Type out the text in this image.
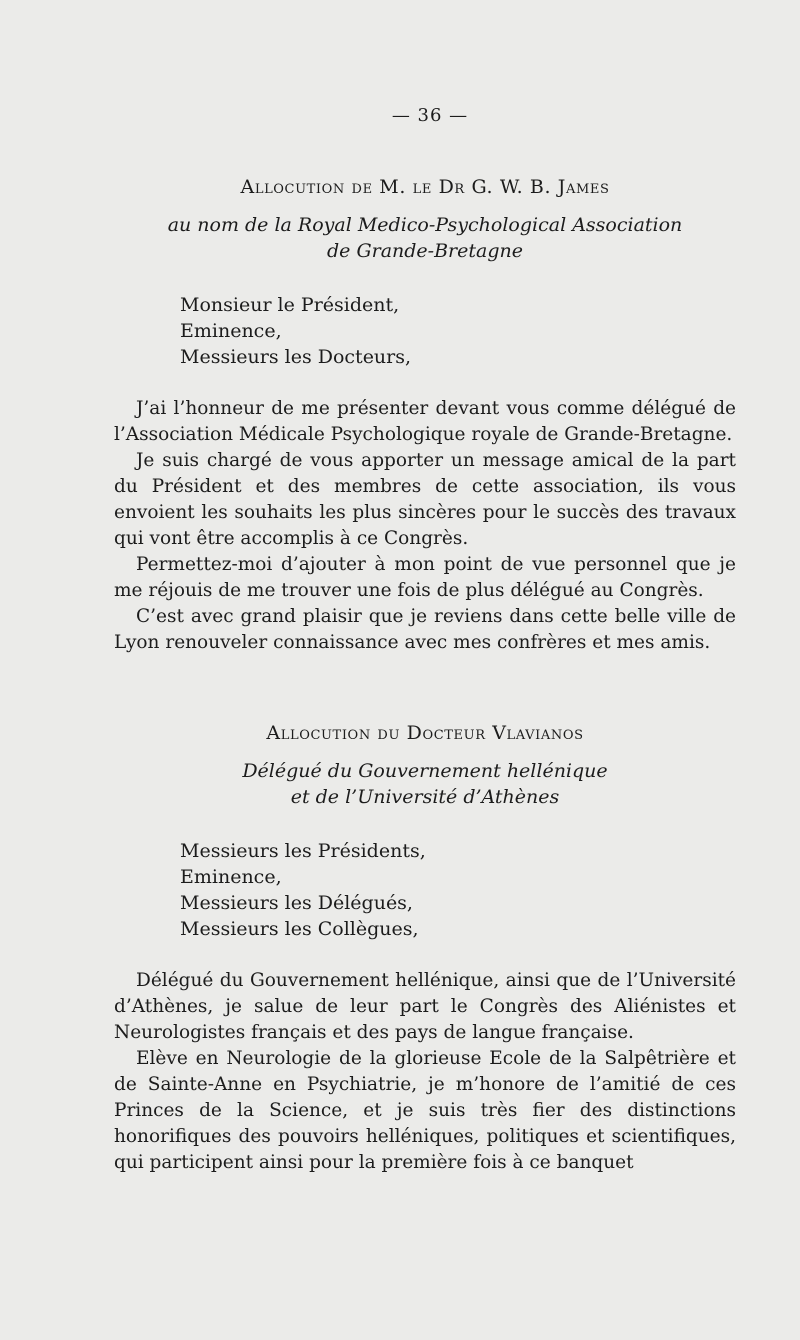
— 36 —
Allocution de M. le Dr G. W. B. James
au nom de la Royal Medico-Psychological Association
de Grande-Bretagne
Monsieur le Président,
Eminence,
Messieurs les Docteurs,

J’ai l’honneur de me présenter devant vous comme délégué de l’Association Médicale Psychologique royale de Grande-Bretagne.

Je suis chargé de vous apporter un message amical de la part du Président et des membres de cette association, ils vous envoient les souhaits les plus sincères pour le succès des travaux qui vont être accomplis à ce Congrès.

Permettez-moi d’ajouter à mon point de vue personnel que je me réjouis de me trouver une fois de plus délégué au Congrès.

C’est avec grand plaisir que je reviens dans cette belle ville de Lyon renouveler connaissance avec mes confrères et mes amis.

Allocution du Docteur Vlavianos
Délégué du Gouvernement hellénique
et de l’Université d’Athènes
Messieurs les Présidents,
Eminence,
Messieurs les Délégués,
Messieurs les Collègues,

Délégué du Gouvernement hellénique, ainsi que de l’Université d’Athènes, je salue de leur part le Congrès des Aliénistes et Neurologistes français et des pays de langue française.

Elève en Neurologie de la glorieuse Ecole de la Salpêtrière et de Sainte-Anne en Psychiatrie, je m’honore de l’amitié de ces Princes de la Science, et je suis très fier des distinctions honorifiques des pouvoirs helléniques, politiques et scientifiques, qui participent ainsi pour la première fois à ce banquet
